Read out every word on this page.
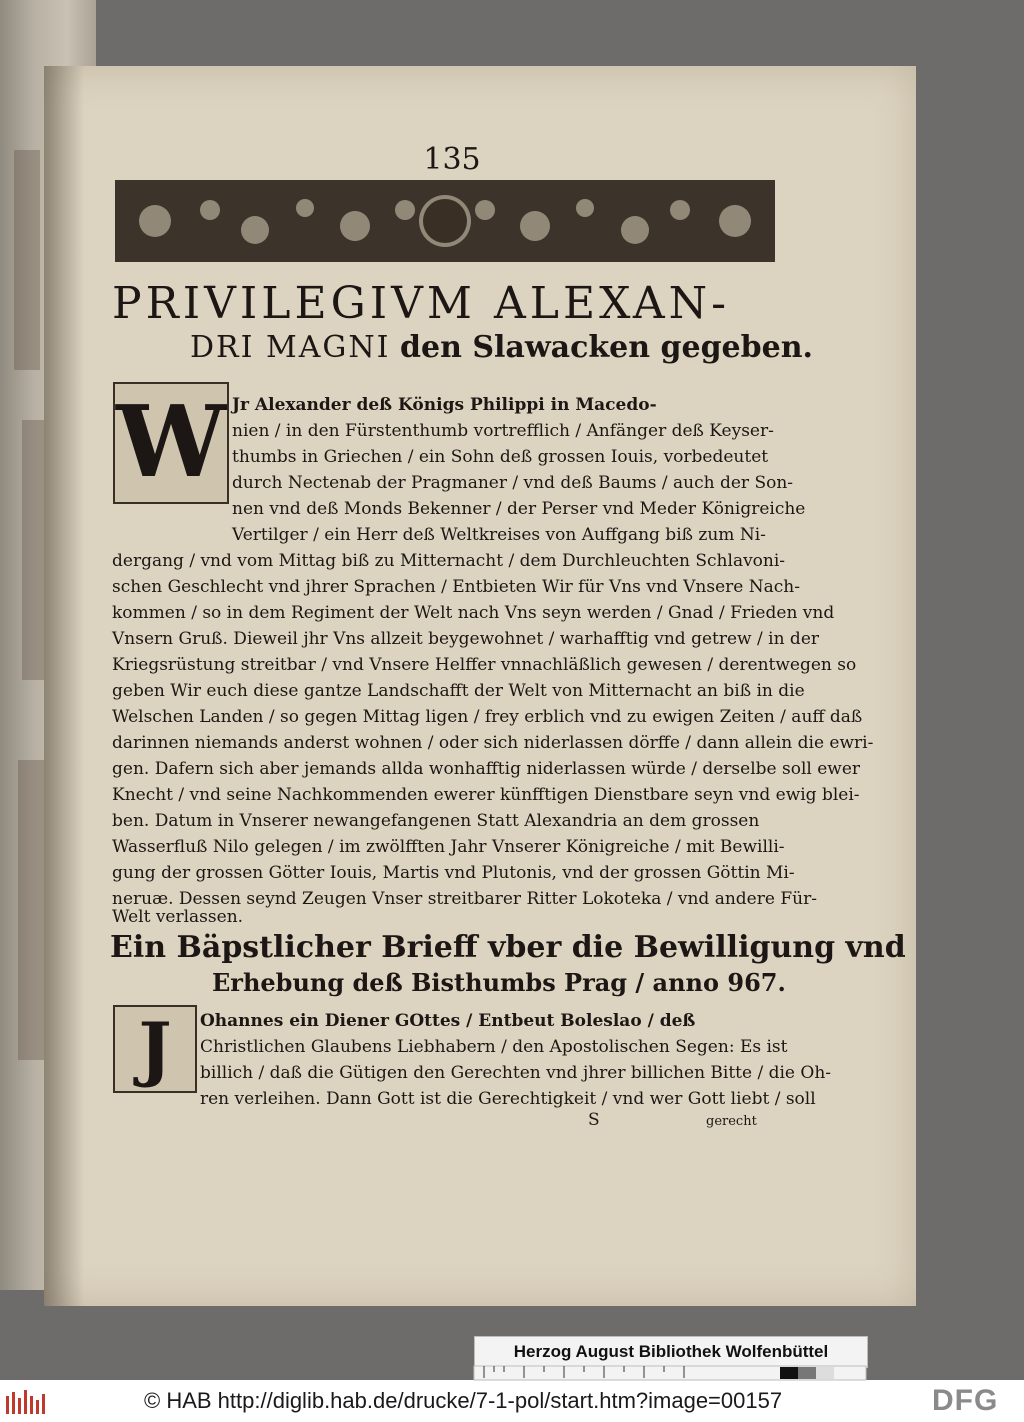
135
PRIVILEGIVM ALEXAN-
DRI MAGNI den Slawacken gegeben.
W Jr Alexander deß Königs Philippi in Macedo-
nien / in den Fürstenthumb vortrefflich / Anfänger deß Keyser-
thumbs in Griechen / ein Sohn deß grossen Iouis, vorbedeutet
durch Nectenab der Pragmaner / vnd deß Baums / auch der Son-
nen vnd deß Monds Bekenner / der Perser vnd Meder Königreiche
Vertilger / ein Herr deß Weltkreises von Auffgang biß zum Ni-
dergang / vnd vom Mittag biß zu Mitternacht / dem Durchleuchten Schlavoni-
schen Geschlecht vnd jhrer Sprachen / Entbieten Wir für Vns vnd Vnsere Nach-
kommen / so in dem Regiment der Welt nach Vns seyn werden / Gnad / Frieden vnd
Vnsern Gruß. Dieweil jhr Vns allzeit beygewohnet / warhafftig vnd getrew / in der
Kriegsrüstung streitbar / vnd Vnsere Helffer vnnachläßlich gewesen / derentwegen so
geben Wir euch diese gantze Landschafft der Welt von Mitternacht an biß in die
Welschen Landen / so gegen Mittag ligen / frey erblich vnd zu ewigen Zeiten / auff daß
darinnen niemands anderst wohnen / oder sich niderlassen dörffe / dann allein die ewri-
gen. Dafern sich aber jemands allda wonhafftig niderlassen würde / derselbe soll ewer
Knecht / vnd seine Nachkommenden ewerer künfftigen Dienstbare seyn vnd ewig blei-
ben. Datum in Vnserer newangefangenen Statt Alexandria an dem grossen
Wasserfluß Nilo gelegen / im zwölfften Jahr Vnserer Königreiche / mit Bewilli-
gung der grossen Götter Iouis, Martis vnd Plutonis, vnd der grossen Göttin Mi-
neruæ. Dessen seynd Zeugen Vnser streitbarer Ritter Lokoteka / vnd andere Für-
Welt verlassen.
Ein Bäpstlicher Brieff vber die Bewilligung vnd
Erhebung deß Bisthumbs Prag / anno 967.
J	Ohannes ein Diener GOttes / Entbeut Boleslao / deß
Christlichen Glaubens Liebhabern / den Apostolischen Segen: Es ist
billich / daß die Gütigen den Gerechten vnd jhrer billichen Bitte / die Oh-
ren verleihen. Dann Gott ist die Gerechtigkeit / vnd wer Gott liebt / soll
S	gerecht
Herzog August Bibliothek Wolfenbüttel
© HAB http://diglib.hab.de/drucke/7-1-pol/start.htm?image=00157	DFG
